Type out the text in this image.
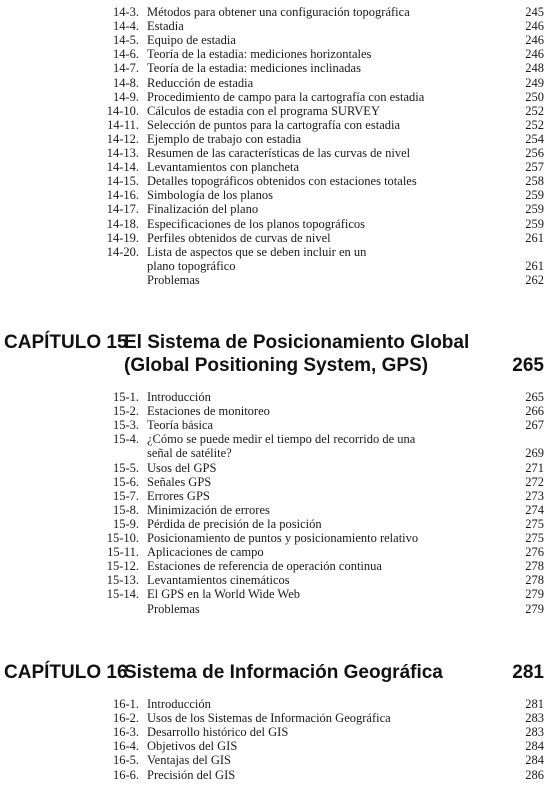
14-3. Métodos para obtener una configuración topográfica	245
14-4. Estadia	246
14-5. Equipo de estadia	246
14-6. Teoría de la estadia: mediciones horizontales	246
14-7. Teoría de la estadia: mediciones inclinadas	248
14-8. Reducción de estadia	249
14-9. Procedimiento de campo para la cartografía con estadia	250
14-10. Cálculos de estadia con el programa SURVEY	252
14-11. Selección de puntos para la cartografía con estadia	252
14-12. Ejemplo de trabajo con estadia	254
14-13. Resumen de las características de las curvas de nivel	256
14-14. Levantamientos con plancheta	257
14-15. Detalles topográficos obtenidos con estaciones totales	258
14-16. Simbología de los planos	259
14-17. Finalización del plano	259
14-18. Especificaciones de los planos topográficos	259
14-19. Perfiles obtenidos de curvas de nivel	261
14-20. Lista de aspectos que se deben incluir en un
plano topográfico	261
Problemas	262
CAPÍTULO 15
El Sistema de Posicionamiento Global
(Global Positioning System, GPS)	265
15-1. Introducción	265
15-2. Estaciones de monitoreo	266
15-3. Teoría básica	267
15-4. ¿Cómo se puede medir el tiempo del recorrido de una
señal de satélite?	269
15-5. Usos del GPS	271
15-6. Señales GPS	272
15-7. Errores GPS	273
15-8. Minimización de errores	274
15-9. Pérdida de precisión de la posición	275
15-10. Posicionamiento de puntos y posicionamiento relativo	275
15-11. Aplicaciones de campo	276
15-12. Estaciones de referencia de operación continua	278
15-13. Levantamientos cinemáticos	278
15-14. El GPS en la World Wide Web	279
Problemas	279
CAPÍTULO 16
Sistema de Información Geográfica	281
16-1. Introducción	281
16-2. Usos de los Sistemas de Información Geográfica	283
16-3. Desarrollo histórico del GIS	283
16-4. Objetivos del GIS	284
16-5. Ventajas del GIS	284
16-6. Precisión del GIS	286
